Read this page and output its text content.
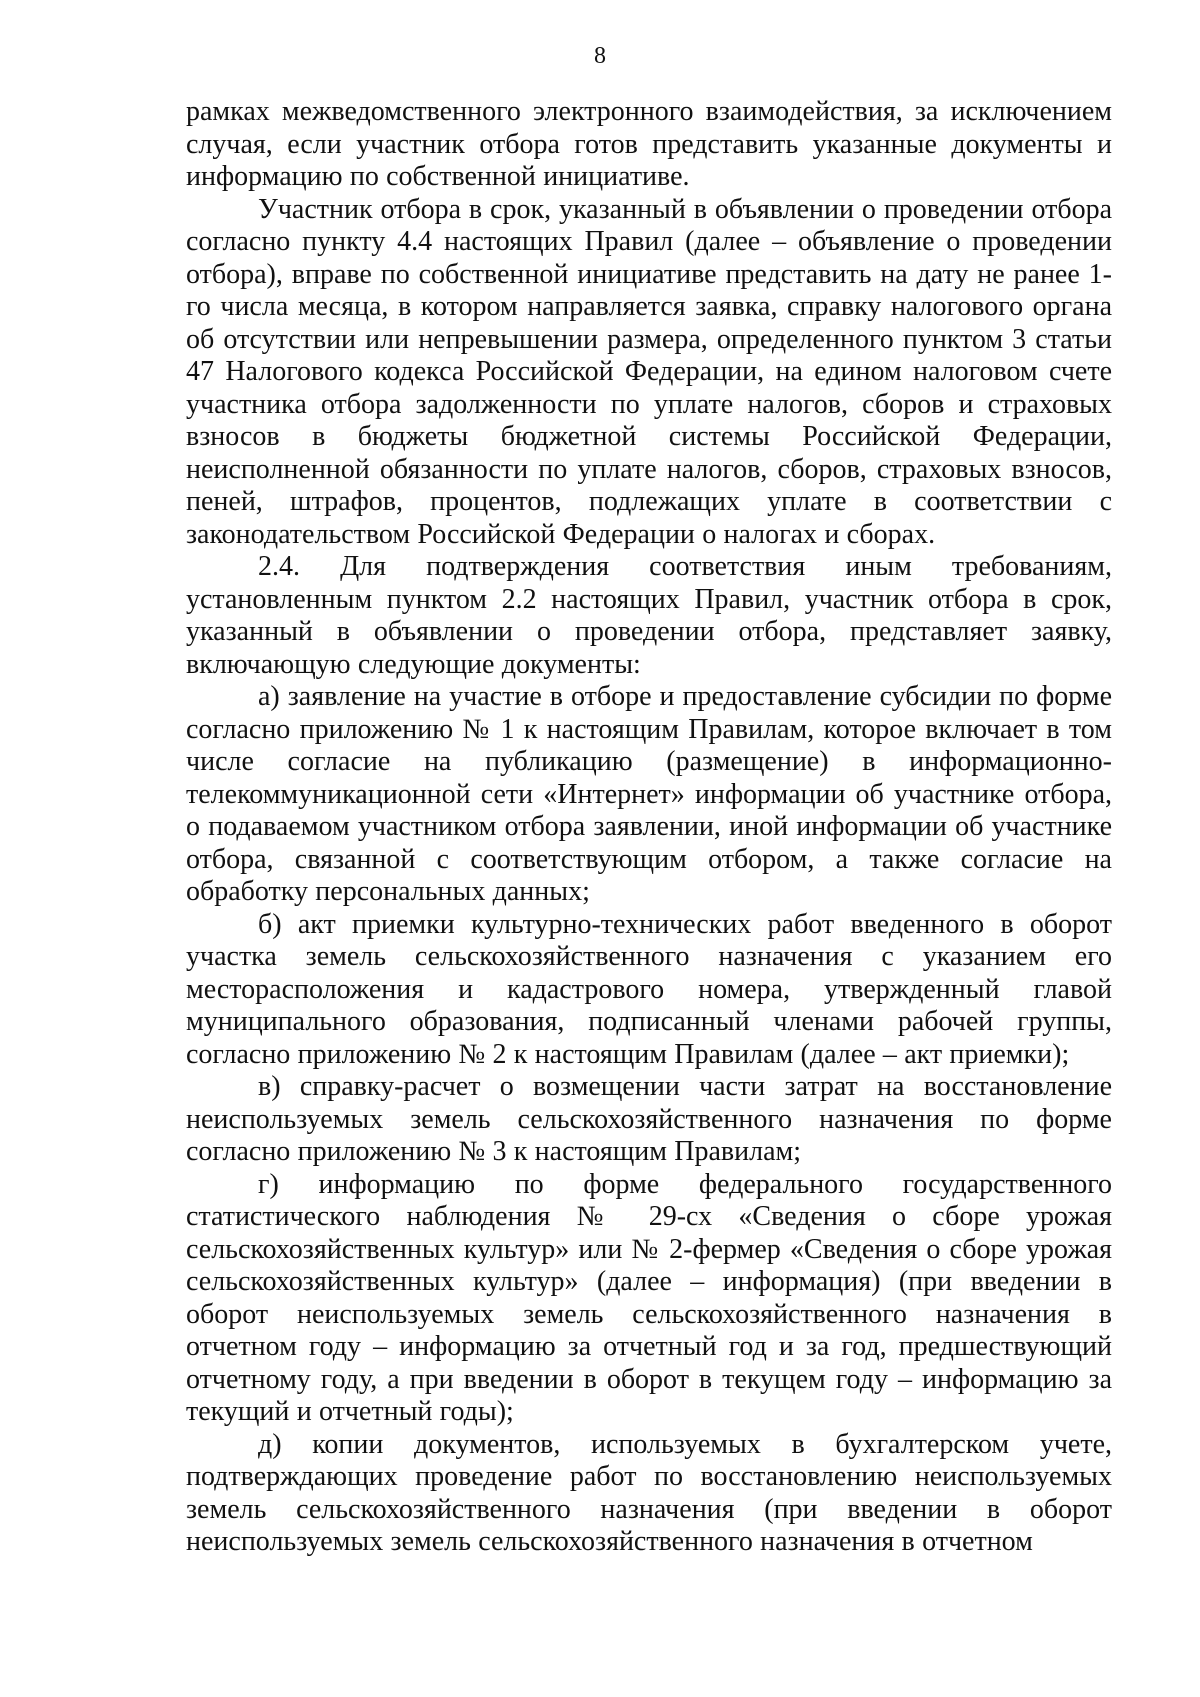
8

рамках межведомственного электронного взаимодействия, за исключением случая, если участник отбора готов представить указанные документы и информацию по собственной инициативе.

Участник отбора в срок, указанный в объявлении о проведении отбора согласно пункту 4.4 настоящих Правил (далее – объявление о проведении отбора), вправе по собственной инициативе представить на дату не ранее 1-го числа месяца, в котором направляется заявка, справку налогового органа об отсутствии или непревышении размера, определенного пунктом 3 статьи 47 Налогового кодекса Российской Федерации, на едином налоговом счете участника отбора задолженности по уплате налогов, сборов и страховых взносов в бюджеты бюджетной системы Российской Федерации, неисполненной обязанности по уплате налогов, сборов, страховых взносов, пеней, штрафов, процентов, подлежащих уплате в соответствии с законодательством Российской Федерации о налогах и сборах.

2.4. Для подтверждения соответствия иным требованиям, установленным пунктом 2.2 настоящих Правил, участник отбора в срок, указанный в объявлении о проведении отбора, представляет заявку, включающую следующие документы:

а) заявление на участие в отборе и предоставление субсидии по форме согласно приложению № 1 к настоящим Правилам, которое включает в том числе согласие на публикацию (размещение) в информационно-телекоммуникационной сети «Интернет» информации об участнике отбора, о подаваемом участником отбора заявлении, иной информации об участнике отбора, связанной с соответствующим отбором, а также согласие на обработку персональных данных;

б) акт приемки культурно-технических работ введенного в оборот участка земель сельскохозяйственного назначения с указанием его месторасположения и кадастрового номера, утвержденный главой муниципального образования, подписанный членами рабочей группы, согласно приложению № 2 к настоящим Правилам (далее – акт приемки);

в) справку-расчет о возмещении части затрат на восстановление неиспользуемых земель сельскохозяйственного назначения по форме согласно приложению № 3 к настоящим Правилам;

г) информацию по форме федерального государственного статистического наблюдения № 29-сх «Сведения о сборе урожая сельскохозяйственных культур» или № 2-фермер «Сведения о сборе урожая сельскохозяйственных культур» (далее – информация) (при введении в оборот неиспользуемых земель сельскохозяйственного назначения в отчетном году – информацию за отчетный год и за год, предшествующий отчетному году, а при введении в оборот в текущем году – информацию за текущий и отчетный годы);

д) копии документов, используемых в бухгалтерском учете, подтверждающих проведение работ по восстановлению неиспользуемых земель сельскохозяйственного назначения (при введении в оборот неиспользуемых земель сельскохозяйственного назначения в отчетном
